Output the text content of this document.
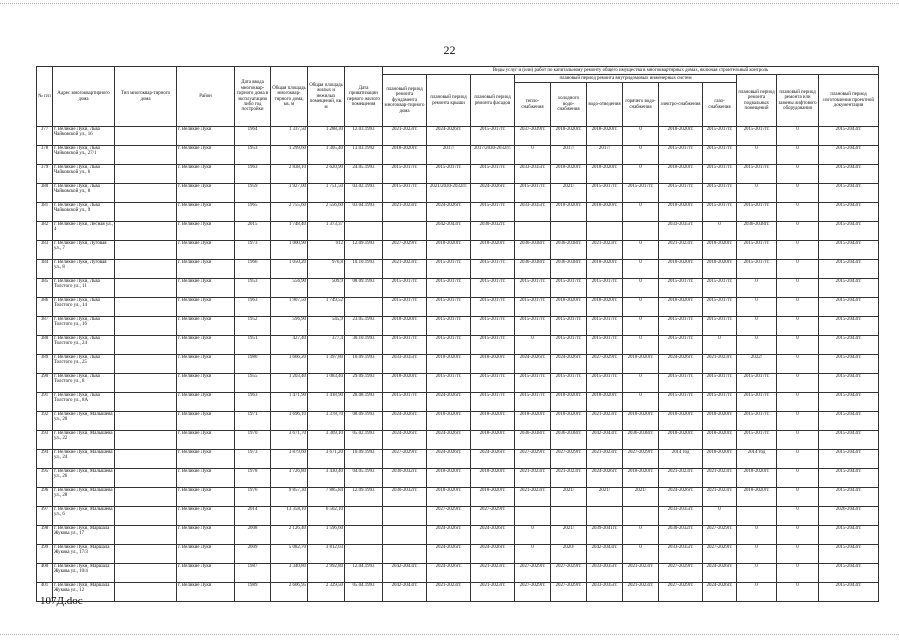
22
№ п/п	Адрес многоквартирного дома	Тип многоквар-тирного дома	Район	Дата ввода многоквар-тирного дома в эксплуатацию либо год постройки	Общая площадь многоквар-тирного дома, кв. м	Общая площадь жилых и нежилых помещений, кв. м	Дата приватизации первого жилого помещения	Виды услуг и (или) работ по капитальному ремонту общего имущества в многоквартирных домах, включая строительный контроль											
								плановый период ремонта фундамента многоквар-тирного дома	плановый период ремонта крыши	плановый период ремонта фасадов	плановый период ремонта внутридомовых инженерных систем						плановый период ремонта подвальных помещений	плановый период ремонта или замены лифтового оборудования	плановый период изготовления проектной документации
											тепло-снабжения	холодного водо-снабжения	водо-отведения	горячего водо-снабжения	электро-снабжения	газо-снабжения			
377	г. Великие Луки, Льва Чайковской ул., 16		г. Великие Луки	1964	1 337,50	1 288,30	12.03.1993	2021-2023гг.	2024-2026гг.	2015-2017гг.	2037-2039гг.	2018-2020гг.	2018-2020гг.	0	2018-2020гг.	2015-2017гг.	2015-2017гг.	0	2015-2043гг.
378	г. Великие Луки, Льва Чайковской ул., 27/1		г. Великие Луки	1953	1 299,60	1 305,40	13.03.1992	2018-2020гг.	2017/	2017/2030-2032гг.	0	2017/	2017/	0	2015-2017гг.	2015-2017гг.	0	0	2015-2043гг.
379	г. Великие Луки, Льва Чайковской ул., 6		г. Великие Луки	1963	2 838,10	2 620,90	24.05.1993	2015-2017гг.	2015-2017гг.	2015-2017гг.	2033-2035гг.	2018-2020гг.	2018-2020гг.	0	2018-2020гг.	2015-2017гг.	2015-2017гг.	0	2015-2043гг.
380	г. Великие Луки, Льва Чайковской ул., 8		г. Великие Луки	1959	1 927,00	1 751,50	03.02.1993	2015-2017гг.	2021/2030-2032гг.	2024-2026гг.	2015-2017гг.	2021/	2015-2017гг.	2015-2017гг.	2015-2017гг.	2015-2017гг.	0	0	2015-2043гг.
381	г. Великие Луки, Льва Чайковской ул., 9		г. Великие Луки	1965	2 755,60	2 556,60	03.04.1993	2021-2023гг.	2024-2026гг.	2015-2017гг.	2033-2035гг.	2018-2020гг.	2018-2020гг.	0	2018-2020гг.	2015-2017гг.	2015-2017гг.	0	2015-2043гг.
382	г. Великие Луки, Лесная ул., 4		г. Великие Луки	2015	1 748,40	1 373,37			2042-2043гг.	2030-2032гг.					2033-2035гг.	0	2036-2038гг.	0	2015-2043гг.
383	г. Великие Луки, Луговая ул., 7		г. Великие Луки	1973	1 000,90	912	12.09.1993	2027-2029гг.	2018-2020гг.	2018-2020гг.	2036-2038гг.	2036-2038гг.	2021-2023гг.	0	2021-2023гг.	2018-2020гг.	2015-2017гг.	0	2015-2043гг.
384	г. Великие Луки, Луговая ул., 8		г. Великие Луки	1966	1 050,20	976,8	10.10.1993	2021-2023гг.	2015-2017гг.	2015-2017гг.	2036-2038гг.	2036-2038гг.	2018-2020гг.	0	2018-2020гг.	2018-2020гг.	2015-2017гг.	0	2015-2043гг.
385	г. Великие Луки, Льва Толстого ул., 11		г. Великие Луки	1953	556,90	509,9	08.09.1993	2015-2017гг.	2015-2017гг.	2015-2017гг.	2015-2017гг.	2015-2017гг.	2015-2017гг.	0	2015-2017гг.	2015-2017гг.	0	0	2015-2043гг.
386	г. Великие Луки, Льва Толстого ул., 14		г. Великие Луки	1963	1 907,50	1 749,52		2015-2017гг.	2015-2017гг.	2015-2017гг.	2015-2017гг.	2018-2020гг.	2018-2020гг.	0	2018-2020гг.	2015-2017гг.	0	0	2015-2043гг.
387	г. Великие Луки, Льва Толстого ул., 16		г. Великие Луки	1952	596,90	545,9	23.05.1993	2018-2020гг.	2015-2017гг.	2015-2017гг.	2015-2017гг.	2015-2017гг.	2015-2017гг.	0	2015-2017гг.	2015-2017гг.	0	0	2015-2043гг.
388	г. Великие Луки, Льва Толстого ул., 24		г. Великие Луки	1951	427,40	377,4	30.10.1993	2015-2017гг.	2015-2017гг.	2015-2017гг.	0	2015-2017гг.	2015-2017гг.	0	2015-2017гг.	0	0	0	2015-2043гг.
389	г. Великие Луки, Льва Толстого ул., 25		г. Великие Луки	1980	1 666,20	1 397,80	10.09.1993	2033-2035гг.	2018-2020гг.	2018-2020гг.	2024-2026гг.	2024-2026гг.	2027-2029гг.	2018-2020гг.	2024-2026гг.	2021-2023гг.	2022/	0	2015-2043гг.
390	г. Великие Луки, Льва Толстого ул., 8		г. Великие Луки	1955	1 203,40	1 083,40	29.09.1993	2018-2020гг.	2015-2017гг.	2015-2017гг.	2015-2017гг.	2015-2017гг.	2015-2017гг.	0	2015-2017гг.	2015-2017гг.	2015-2017гг.	0	2015-2043гг.
391	г. Великие Луки, Льва Толстого ул., 8А		г. Великие Луки	1963	1 471,90	1 418,90	28.08.1993	2015-2017гг.	2024-2026гг.	2015-2017гг.	2015-2017гг.	2018-2020гг.	2018-2020гг.	0	2015-2017гг.	2015-2017гг.	2015-2017гг.	0	2015-2043гг.
392	г. Великие Луки, Малышева ул., 20		г. Великие Луки	1971	3 696,10	3 378,70	08.09.1993	2024-2026гг.	2018-2020гг.	2018-2020гг.	2018-2020гг.	2018-2020гг.	2021-2023гг.	2018-2020гг.	2018-2020гг.	2018-2020гг.	2015-2017гг.	0	2015-2043гг.
393	г. Великие Луки, Малышева ул., 22		г. Великие Луки	1970	3 671,70	3 369,10	05.02.1993	2024-2026гг.	2024-2026гг.	2018-2020гг.	2036-2038гг.	2036-2038гг.	2042-2043гг.	2036-2038гг.	2018-2020гг.	2018-2020гг.	2015-2017гг.	0	2015-2043гг.
394	г. Великие Луки, Малышева ул., 24		г. Великие Луки	1973	3 879,60	3 671,20	10.09.1993	2027-2029гг.	2024-2026гг.	2024-2026гг.	2027-2029гг.	2027-2029гг.	2021-2023гг.	2027-2029гг.	2014 год	2018-2020гг.	2014 год	0	2015-2043гг.
395	г. Великие Луки, Малышева ул., 26		г. Великие Луки	1978	3 726,80	3 430,40	04.05.1993	2030-2032гг.	2018-2020гг.	2018-2020гг.	2021-2023гг.	2021-2023гг.	2024-2026гг.	2018-2020гг.	2021-2023гг.	2021-2023гг.	2018-2020гг.	0	2015-2043гг.
396	г. Великие Луки, Малышева ул., 28		г. Великие Луки	1976	9 857,30	7 885,84	12.09.1993	2030-2032гг.	2018-2020гг.	2018-2020гг.	2021-2023гг.	2021/	2021/	2021/	2024-2026гг.	2021-2023гг.	2018-2020гг.	0	2015-2043гг.
397	г. Великие Луки, Малышева ул., 6		г. Великие Луки	2014	13 358,10	6 502,10			2027-2029гг.	2027-2029гг.					2033-2035гг.	0		0	2026-2043гг.
398	г. Великие Луки, Маршала Жукова ул., 17		г. Великие Луки	2008	2 126,40	1 596,60			2024-2026гг.	2024-2026гг.	0	2021/	2039-2041гг.	0	2030-2032гг.	2027-2029гг.	0	0	2015-2043гг.
399	г. Великие Луки, Маршала Жукова ул., 17/3		г. Великие Луки	2009	5 082,70	3 812,03			2024-2026гг.	2024-2026гг.	0	2020/	2042-2043гг.	0	2033-2035гг.	2027-2029гг.	0	0	2015-2043гг.
400	г. Великие Луки, Маршала Жукова ул., 10/4		г. Великие Луки	1987	3 340,80	2 992,80	12.04.1993	2042-2043гг.	2024-2026гг.	2021-2023гг.	2027-2029гг.	2027-2029гг.	2033-2035гг.	2021-2023гг.	2027-2029гг.	2024-2026гг.	0	0	2015-2043гг.
401	г. Великие Луки, Маршала Жукова ул., 12		г. Великие Луки	1989	2 606,95	2 329,50	05.04.1993	2042-2043гг.	2021-2023гг.	2021-2023гг.	2027-2029гг.	2027-2029гг.	2033-2035гг.	2021-2023гг.	2027-2029гг.	2024-2026гг.	0	0	2015-2043гг.
107Д.doc
